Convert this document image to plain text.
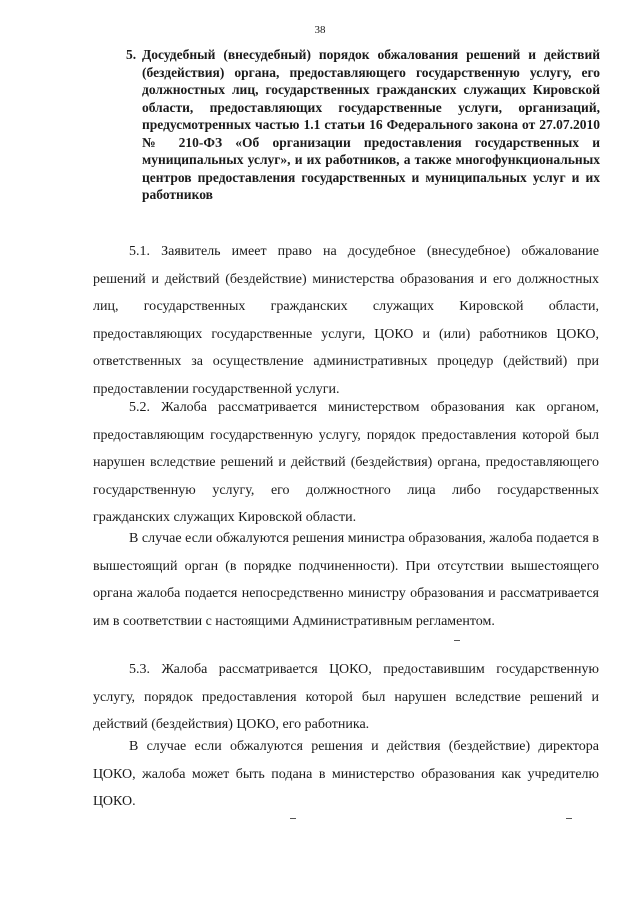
38
5. Досудебный (внесудебный) порядок обжалования решений и действий (бездействия) органа, предоставляющего государственную услугу, его должностных лиц, государственных гражданских служащих Кировской области, предоставляющих государственные услуги, организаций, предусмотренных частью 1.1 статьи 16 Федерального закона от 27.07.2010 № 210-ФЗ «Об организации предоставления государственных и муниципальных услуг», и их работников, а также многофункциональных центров предоставления государственных и муниципальных услуг и их работников

5.1. Заявитель имеет право на досудебное (внесудебное) обжалование решений и действий (бездействие) министерства образования и его должностных лиц, государственных гражданских служащих Кировской области, предоставляющих государственные услуги, ЦОКО и (или) работников ЦОКО, ответственных за осуществление административных процедур (действий) при предоставлении государственной услуги.

5.2. Жалоба рассматривается министерством образования как органом, предоставляющим государственную услугу, порядок предоставления которой был нарушен вследствие решений и действий (бездействия) органа, предоставляющего государственную услугу, его должностного лица либо государственных гражданских служащих Кировской области.

В случае если обжалуются решения министра образования, жалоба подается в вышестоящий орган (в порядке подчиненности). При отсутствии вышестоящего органа жалоба подается непосредственно министру образования и рассматривается им в соответствии с настоящими Административным регламентом.

5.3. Жалоба рассматривается ЦОКО, предоставившим государственную услугу, порядок предоставления которой был нарушен вследствие решений и действий (бездействия) ЦОКО, его работника.

В случае если обжалуются решения и действия (бездействие) директора ЦОКО, жалоба может быть подана в министерство образования как учредителю ЦОКО.
